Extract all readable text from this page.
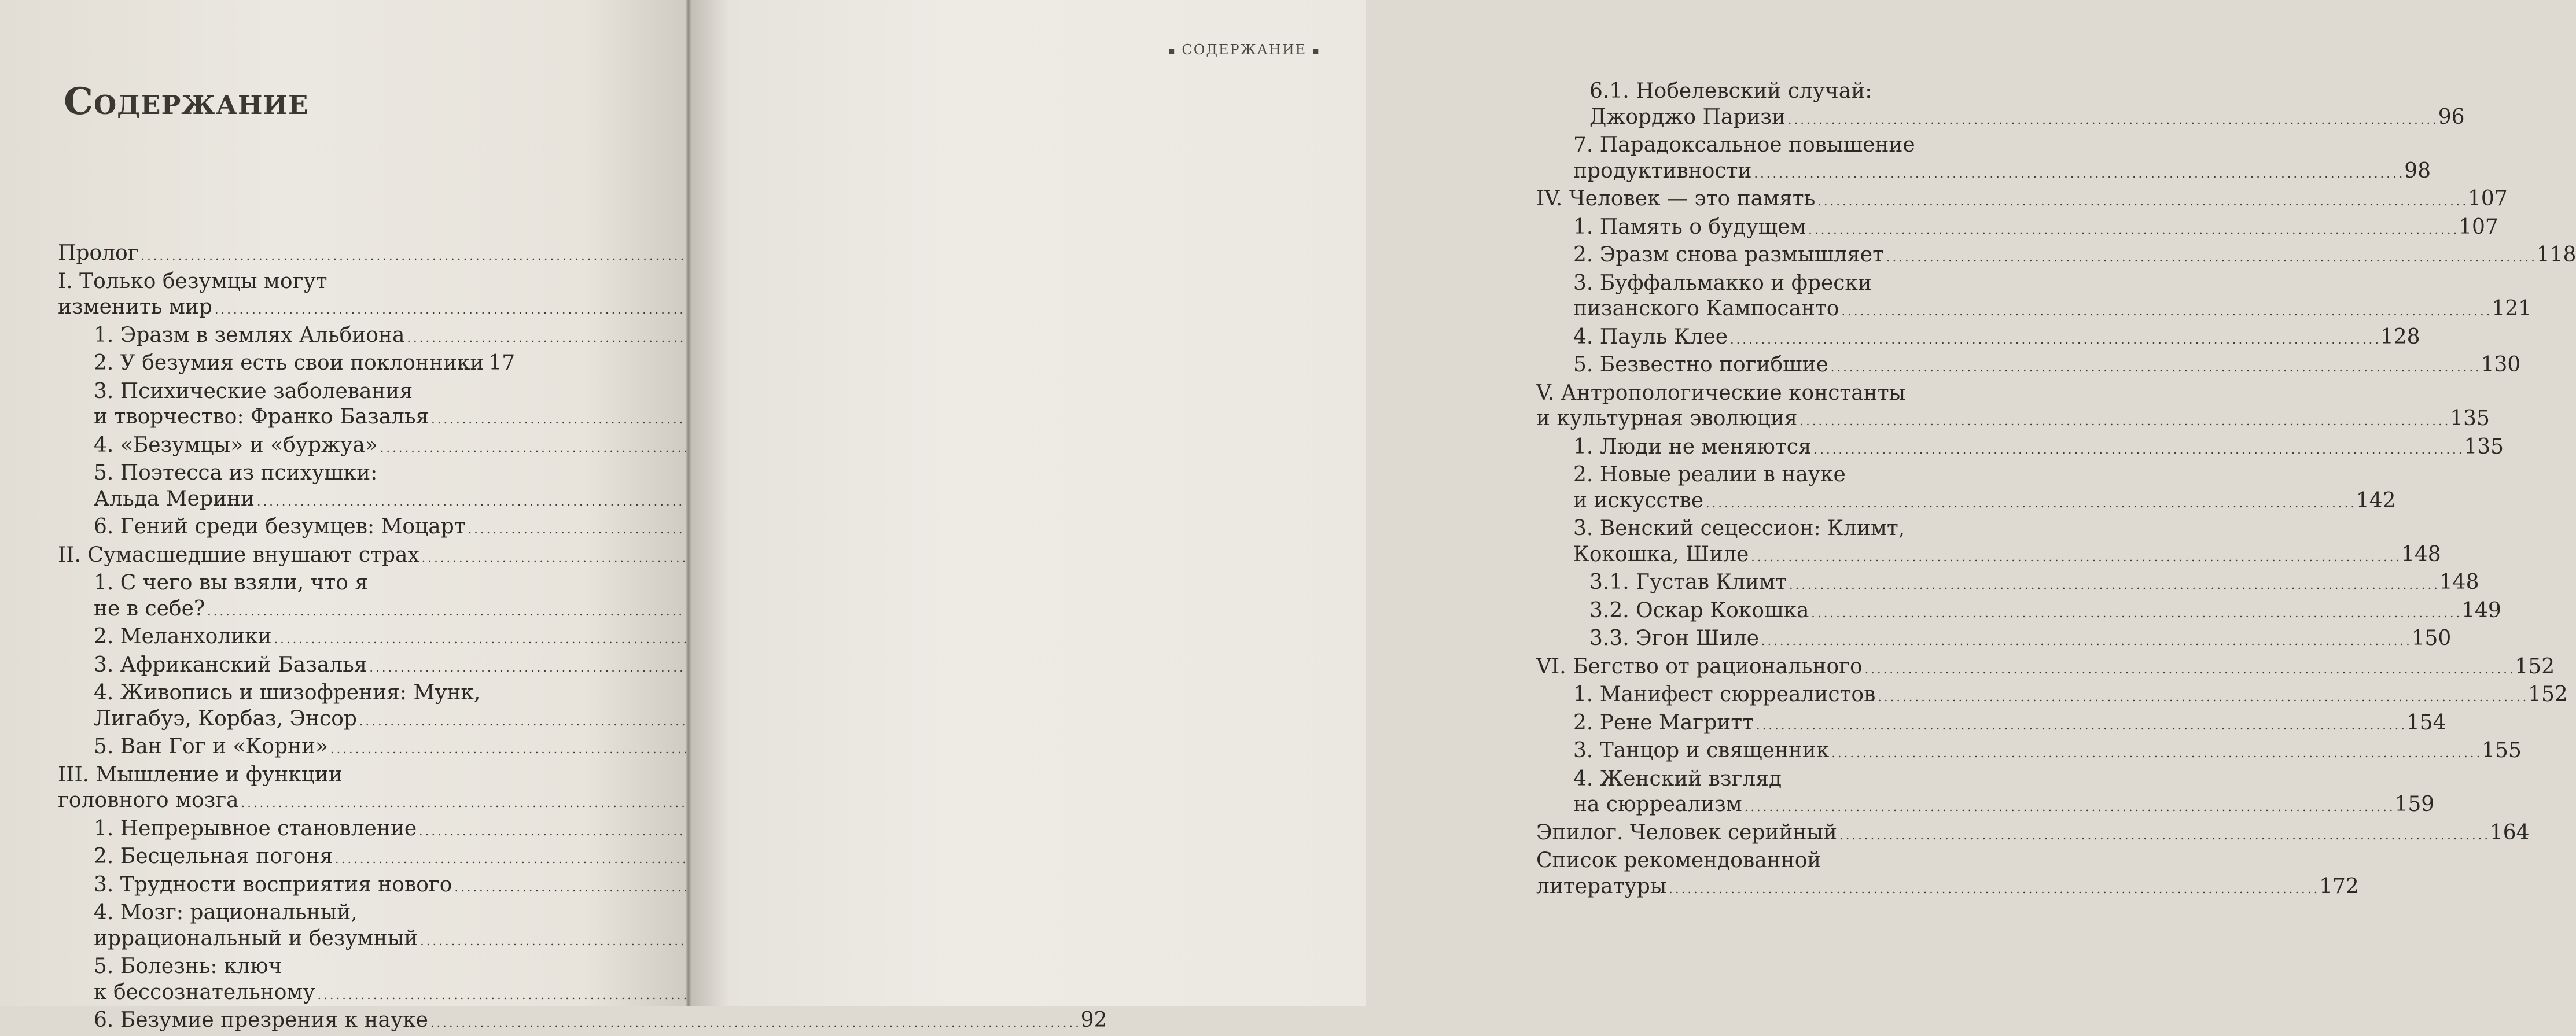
Содержание
Пролог
. . .
I. Только безумцы могут
изменить мир
. . .
1. Эразм в землях Альбиона
. . .
2. У безумия есть свои поклонники 17
3. Психические заболевания
и творчество: Франко Базалья
. . .
4. «Безумцы» и «буржуа»
. . .
5. Поэтесса из психушки:
Альда Мерини
. . .
6. Гений среди безумцев: Моцарт
. . .
II. Сумасшедшие внушают страх
. . .
1. С чего вы взяли, что я
не в себе?
. . .
2. Меланхолики
. . .
3. Африканский Базалья
. . .
4. Живопись и шизофрения: Мунк,
Лигабуэ, Корбаз, Энсор
. . .
5. Ван Гог и «Корни»
. . .
III. Мышление и функции
головного мозга
. . .
1. Непрерывное становление
. . .
2. Бесцельная погоня
. . .
3. Трудности восприятия нового
. . .
4. Мозг: рациональный,
иррациональный и безумный
. . .
5. Болезнь: ключ
к бессознательному
. . .
6. Безумие презрения к науке . . .	92
▪ СОДЕРЖАНИЕ ▪
6.1. Нобелевский случай:
Джорджо Паризи . . .	96
7. Парадоксальное повышение
продуктивности . . .	98
IV. Человек — это память . . .	107
1. Память о будущем . . .	107
2. Эразм снова размышляет . . .	118
3. Буффальмакко и фрески
пизанского Кампосанто . . .	121
4. Пауль Клее . . .	128
5. Безвестно погибшие . . .	130
V. Антропологические константы
и культурная эволюция . . .	135
1. Люди не меняются . . .	135
2. Новые реалии в науке
и искусстве . . .	142
3. Венский сецессион: Климт,
Кокошка, Шиле . . .	148
3.1. Густав Климт . . .	148
3.2. Оскар Кокошка . . .	149
3.3. Эгон Шиле . . .	150
VI. Бегство от рационального . . .	152
1. Манифест сюрреалистов . . .	152
2. Рене Магритт . . .	154
3. Танцор и священник . . .	155
4. Женский взгляд
на сюрреализм . . .	159
Эпилог. Человек серийный . . .	164
Список рекомендованной
литературы . . .	172
